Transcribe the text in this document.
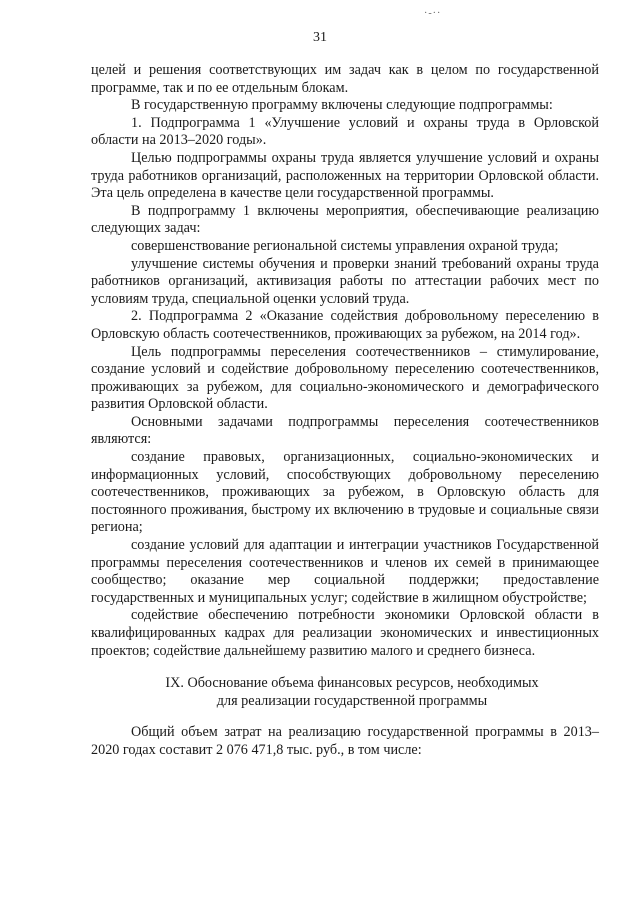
·-··
31

целей и решения соответствующих им задач как в целом по государственной программе, так и по ее отдельным блокам.

В государственную программу включены следующие подпрограммы:

1. Подпрограмма 1 «Улучшение условий и охраны труда в Орловской области на 2013–2020 годы».

Целью подпрограммы охраны труда является улучшение условий и охраны труда работников организаций, расположенных на территории Орловской области. Эта цель определена в качестве цели государственной программы.

В подпрограмму 1 включены мероприятия, обеспечивающие реализацию следующих задач:

совершенствование региональной системы управления охраной труда;

улучшение системы обучения и проверки знаний требований охраны труда работников организаций, активизация работы по аттестации рабочих мест по условиям труда, специальной оценки условий труда.

2. Подпрограмма 2 «Оказание содействия добровольному переселению в Орловскую область соотечественников, проживающих за рубежом, на 2014 год».

Цель подпрограммы переселения соотечественников – стимулирование, создание условий и содействие добровольному переселению соотечественников, проживающих за рубежом, для социально-экономического и демографического развития Орловской области.

Основными задачами подпрограммы переселения соотечественников являются:

создание правовых, организационных, социально-экономических и информационных условий, способствующих добровольному переселению соотечественников, проживающих за рубежом, в Орловскую область для постоянного проживания, быстрому их включению в трудовые и социальные связи региона;

создание условий для адаптации и интеграции участников Государственной программы переселения соотечественников и членов их семей в принимающее сообщество; оказание мер социальной поддержки; предоставление государственных и муниципальных услуг; содействие в жилищном обустройстве;

содействие обеспечению потребности экономики Орловской области в квалифицированных кадрах для реализации экономических и инвестиционных проектов; содействие дальнейшему развитию малого и среднего бизнеса.

IX. Обоснование объема финансовых ресурсов, необходимых
для реализации государственной программы

Общий объем затрат на реализацию государственной программы в 2013–2020 годах составит 2 076 471,8 тыс. руб., в том числе:
